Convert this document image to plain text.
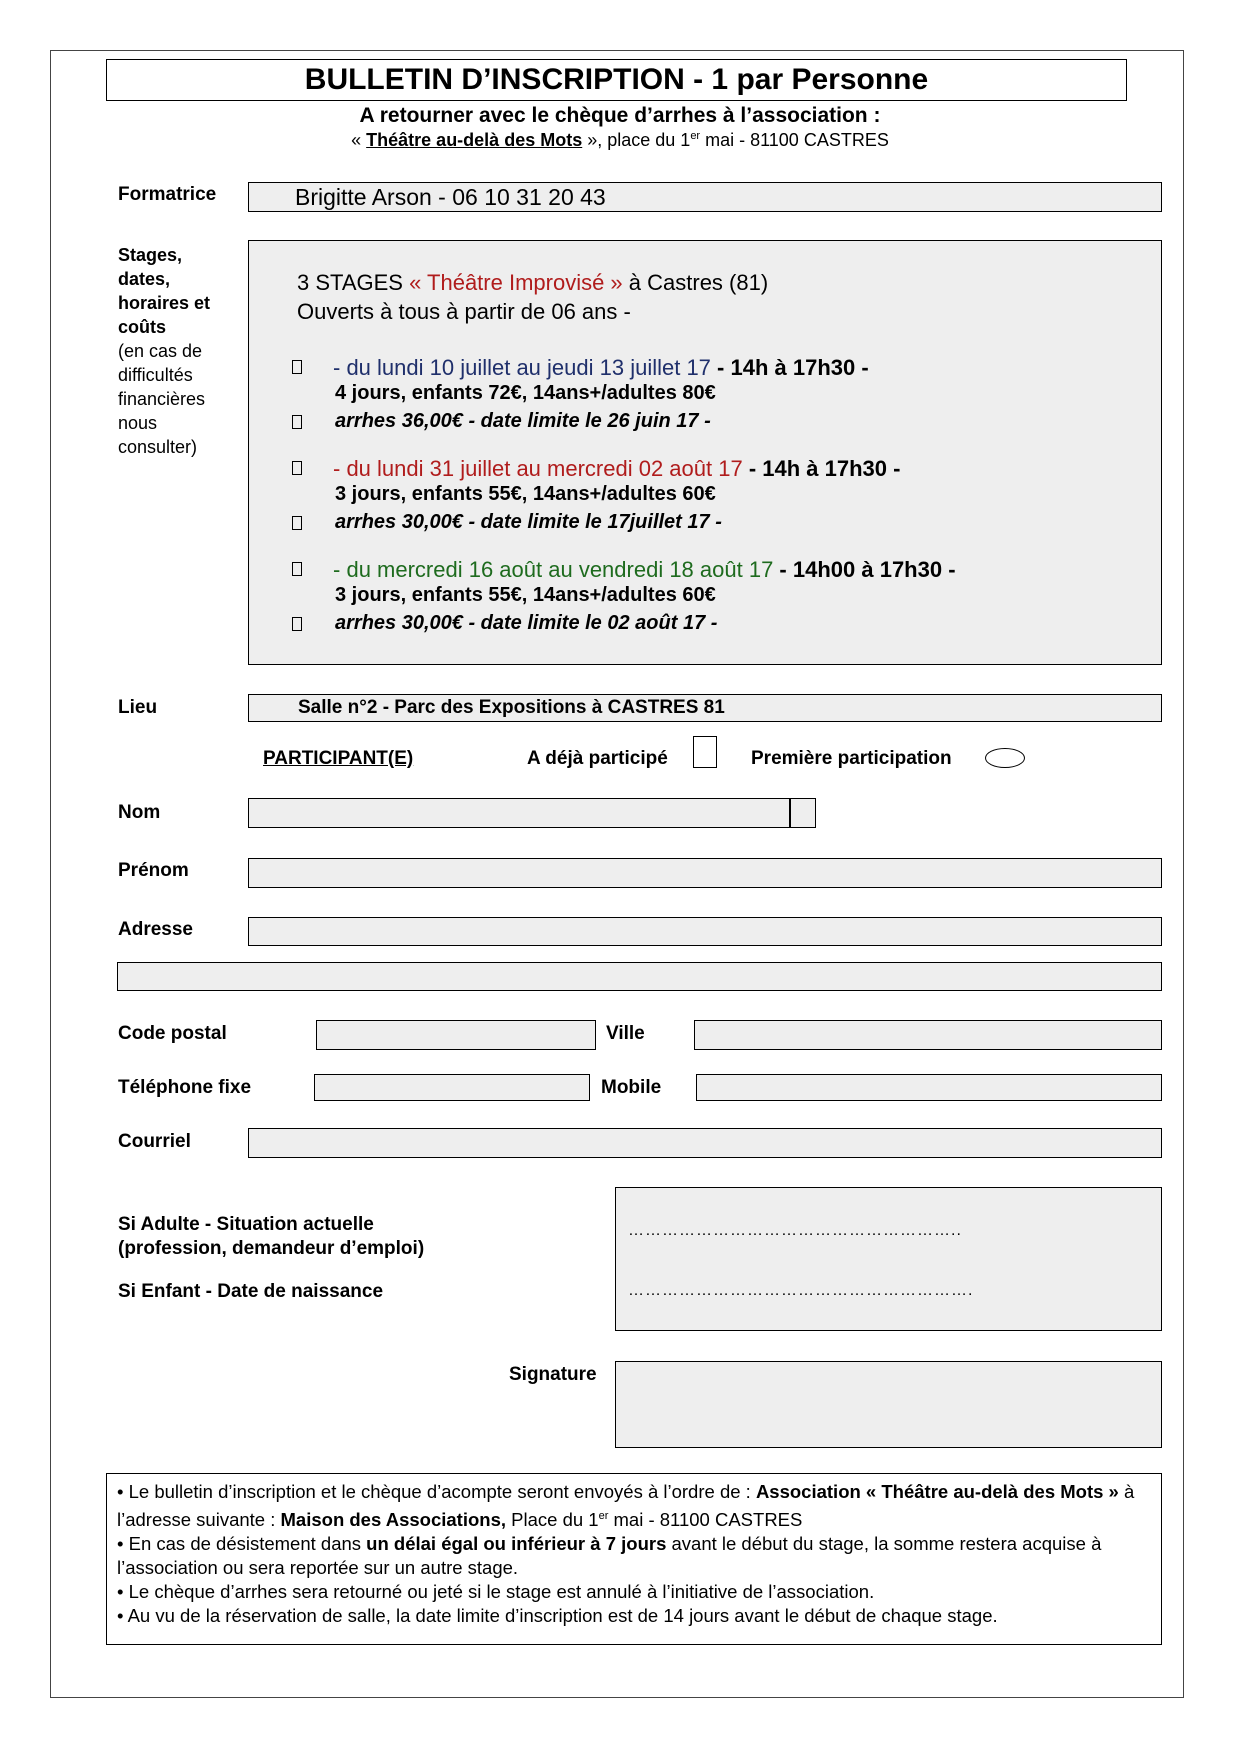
BULLETIN D’INSCRIPTION - 1 par Personne
A retourner avec le chèque d’arrhes à l’association :
« Théâtre au-delà des Mots », place du 1er mai - 81100 CASTRES
Formatrice	Brigitte Arson - 06 10 31 20 43
Stages, dates, horaires et coûts
(en cas de difficultés financières nous consulter)
3 STAGES « Théâtre Improvisé » à Castres (81)
Ouverts à tous à partir de 06 ans -
- du lundi 10 juillet au jeudi 13 juillet 17 - 14h à 17h30 -
4 jours, enfants 72€, 14ans+/adultes 80€
arrhes 36,00€ - date limite le 26 juin 17 -
- du lundi 31 juillet au mercredi 02 août 17 - 14h à 17h30 -
3 jours, enfants 55€, 14ans+/adultes 60€
arrhes 30,00€ - date limite le 17juillet 17 -
- du mercredi 16 août au vendredi 18 août 17 - 14h00 à 17h30 -
3 jours, enfants 55€, 14ans+/adultes 60€
arrhes 30,00€ - date limite le 02 août 17 -
Lieu	Salle n°2 - Parc des Expositions à CASTRES 81
PARTICIPANT(E)	A déjà participé	Première participation
Nom
Prénom
Adresse
Code postal	Ville
Téléphone fixe	Mobile
Courriel
Si Adulte - Situation actuelle
(profession, demandeur d’emploi)
Si Enfant - Date de naissance
…………………………………………………..
…………………………………………………….
Signature

• Le bulletin d’inscription et le chèque d’acompte seront envoyés à l’ordre de : Association « Théâtre au-delà des Mots » à l’adresse suivante : Maison des Associations, Place du 1er mai - 81100 CASTRES

• En cas de désistement dans un délai égal ou inférieur à 7 jours avant le début du stage, la somme restera acquise à l’association ou sera reportée sur un autre stage.

• Le chèque d’arrhes sera retourné ou jeté si le stage est annulé à l’initiative de l’association.

• Au vu de la réservation de salle, la date limite d’inscription est de 14 jours avant le début de chaque stage.
